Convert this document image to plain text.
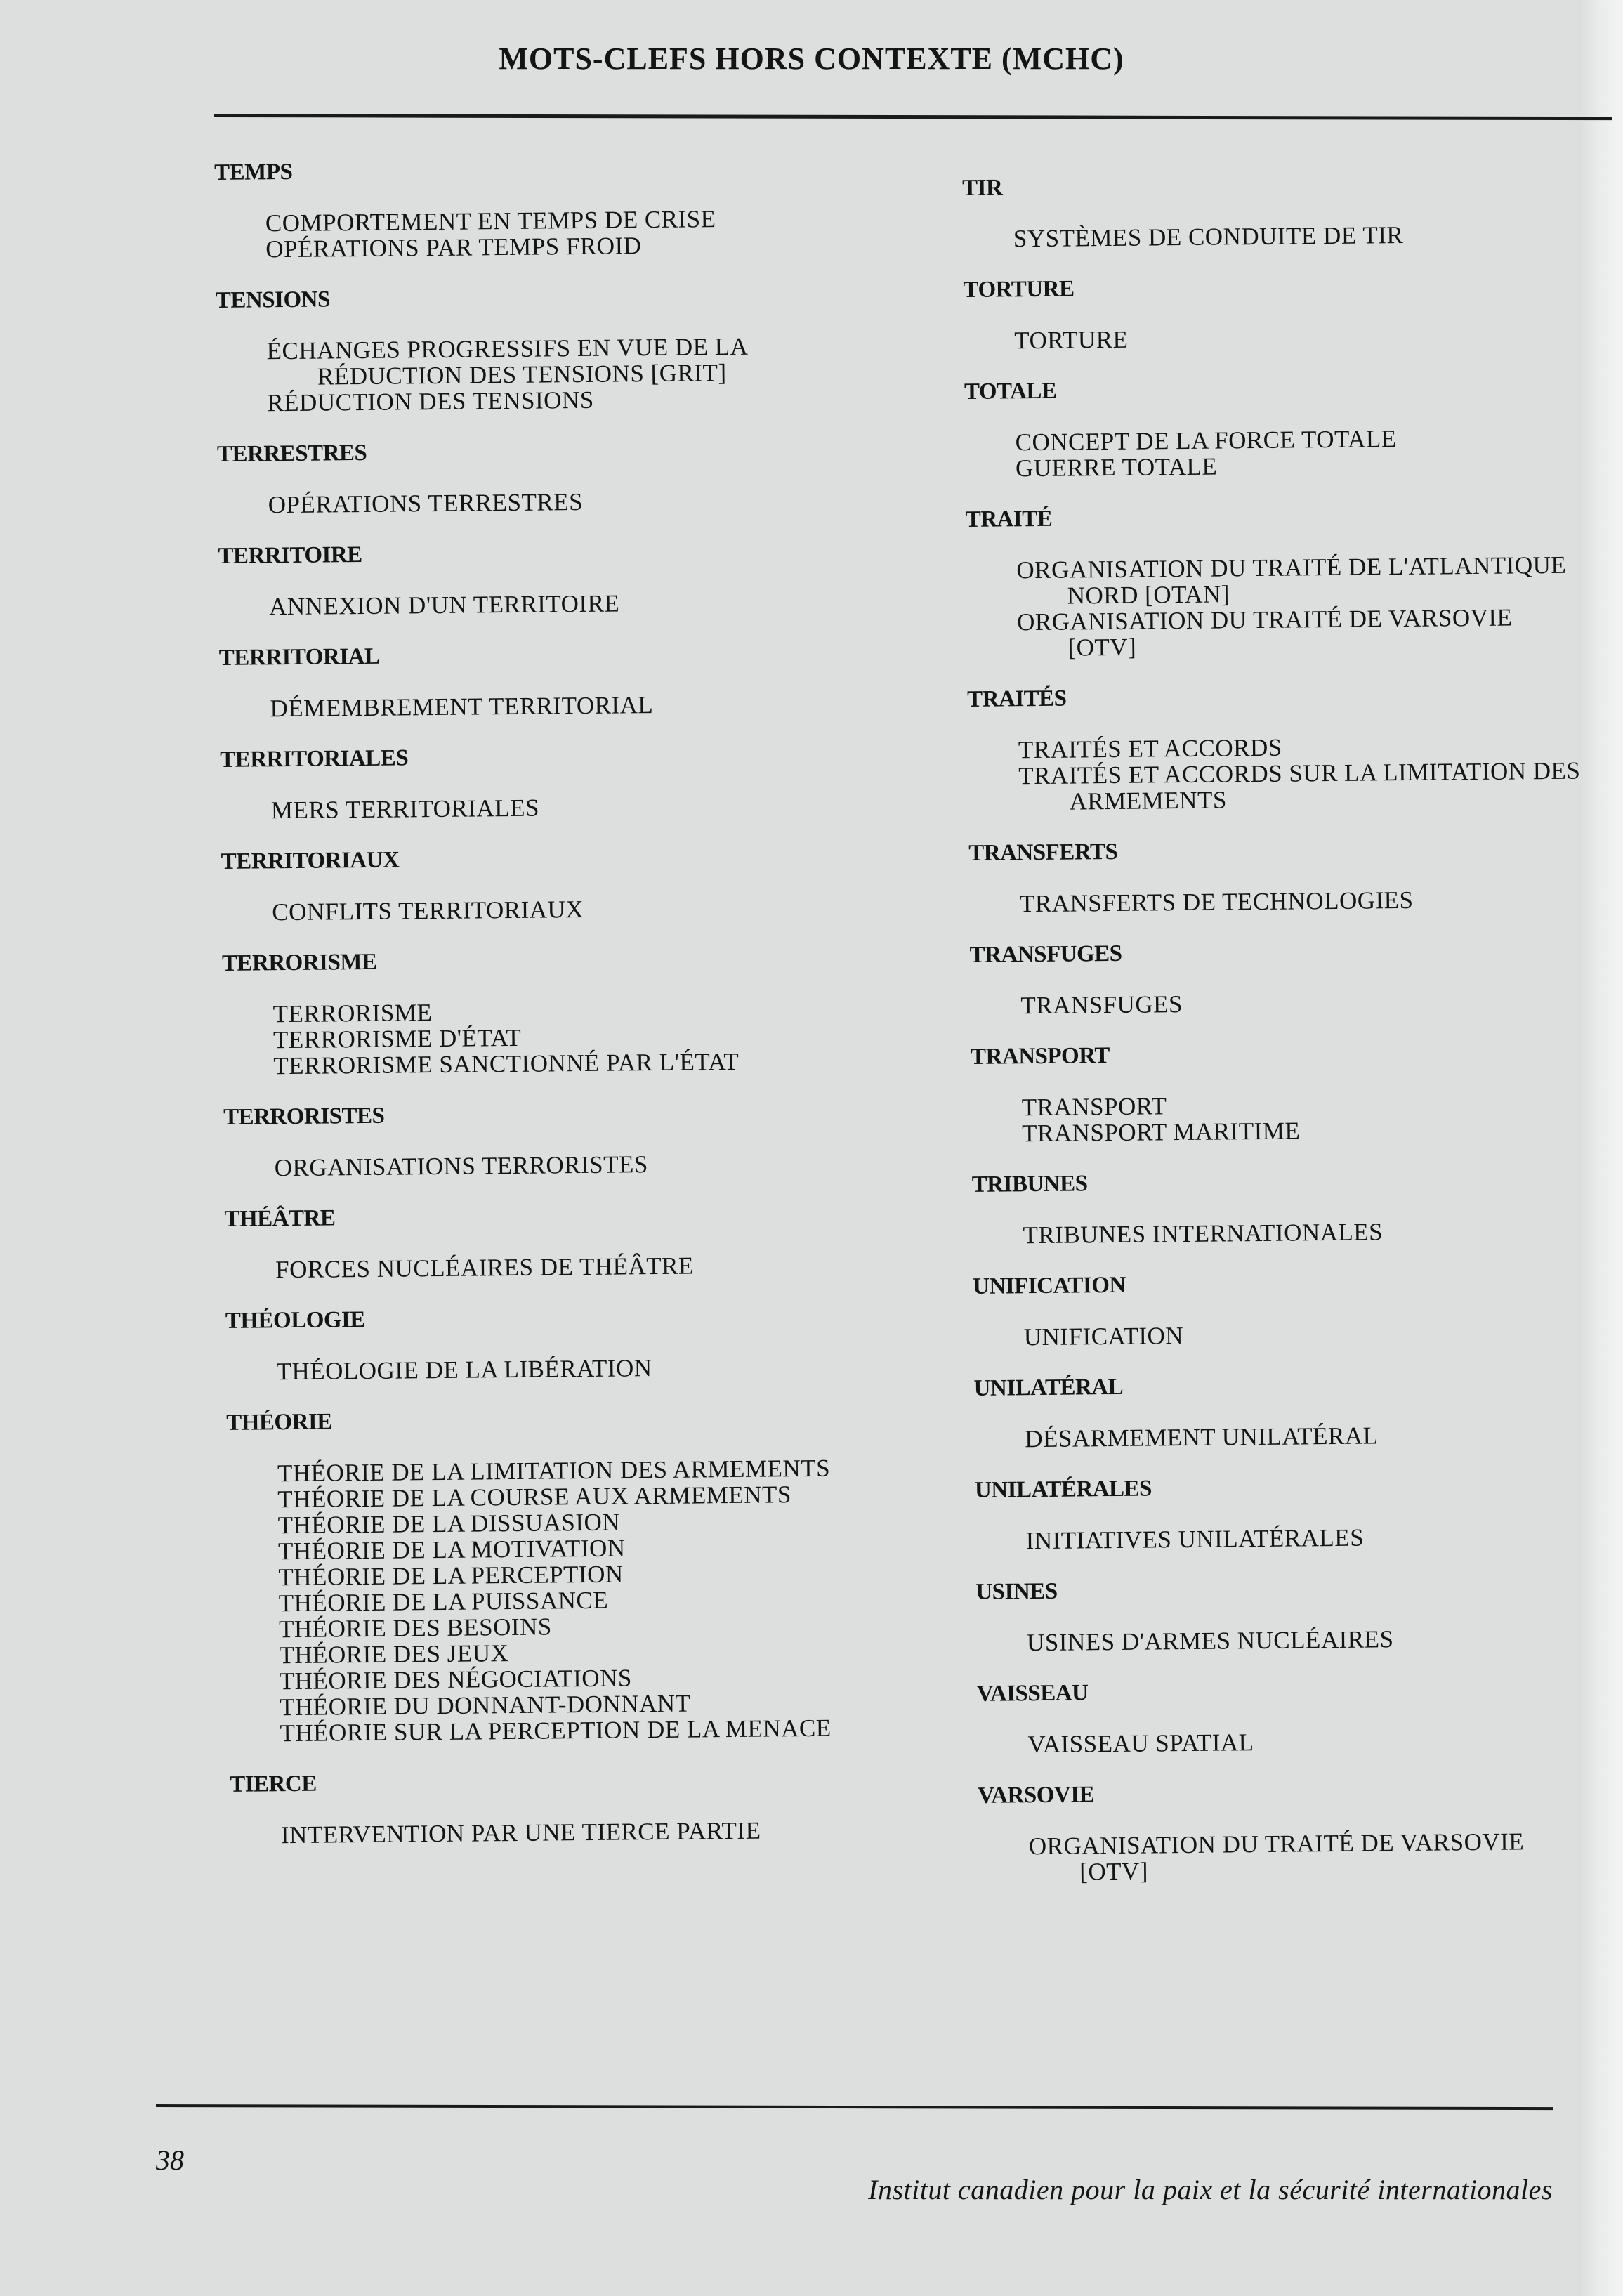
MOTS-CLEFS HORS CONTEXTE (MCHC)
TEMPS
COMPORTEMENT EN TEMPS DE CRISE
OPÉRATIONS PAR TEMPS FROID
TENSIONS
ÉCHANGES PROGRESSIFS EN VUE DE LA RÉDUCTION DES TENSIONS [GRIT]
RÉDUCTION DES TENSIONS
TERRESTRES
OPÉRATIONS TERRESTRES
TERRITOIRE
ANNEXION D'UN TERRITOIRE
TERRITORIAL
DÉMEMBREMENT TERRITORIAL
TERRITORIALES
MERS TERRITORIALES
TERRITORIAUX
CONFLITS TERRITORIAUX
TERRORISME
TERRORISME
TERRORISME D'ÉTAT
TERRORISME SANCTIONNÉ PAR L'ÉTAT
TERRORISTES
ORGANISATIONS TERRORISTES
THÉÂTRE
FORCES NUCLÉAIRES DE THÉÂTRE
THÉOLOGIE
THÉOLOGIE DE LA LIBÉRATION
THÉORIE
THÉORIE DE LA LIMITATION DES ARMEMENTS
THÉORIE DE LA COURSE AUX ARMEMENTS
THÉORIE DE LA DISSUASION
THÉORIE DE LA MOTIVATION
THÉORIE DE LA PERCEPTION
THÉORIE DE LA PUISSANCE
THÉORIE DES BESOINS
THÉORIE DES JEUX
THÉORIE DES NÉGOCIATIONS
THÉORIE DU DONNANT-DONNANT
THÉORIE SUR LA PERCEPTION DE LA MENACE
TIERCE
INTERVENTION PAR UNE TIERCE PARTIE
TIR
SYSTÈMES DE CONDUITE DE TIR
TORTURE
TORTURE
TOTALE
CONCEPT DE LA FORCE TOTALE
GUERRE TOTALE
TRAITÉ
ORGANISATION DU TRAITÉ DE L'ATLANTIQUE NORD [OTAN]
ORGANISATION DU TRAITÉ DE VARSOVIE [OTV]
TRAITÉS
TRAITÉS ET ACCORDS
TRAITÉS ET ACCORDS SUR LA LIMITATION DES ARMEMENTS
TRANSFERTS
TRANSFERTS DE TECHNOLOGIES
TRANSFUGES
TRANSFUGES
TRANSPORT
TRANSPORT
TRANSPORT MARITIME
TRIBUNES
TRIBUNES INTERNATIONALES
UNIFICATION
UNIFICATION
UNILATÉRAL
DÉSARMEMENT UNILATÉRAL
UNILATÉRALES
INITIATIVES UNILATÉRALES
USINES
USINES D'ARMES NUCLÉAIRES
VAISSEAU
VAISSEAU SPATIAL
VARSOVIE
ORGANISATION DU TRAITÉ DE VARSOVIE [OTV]
38
Institut canadien pour la paix et la sécurité internationales
